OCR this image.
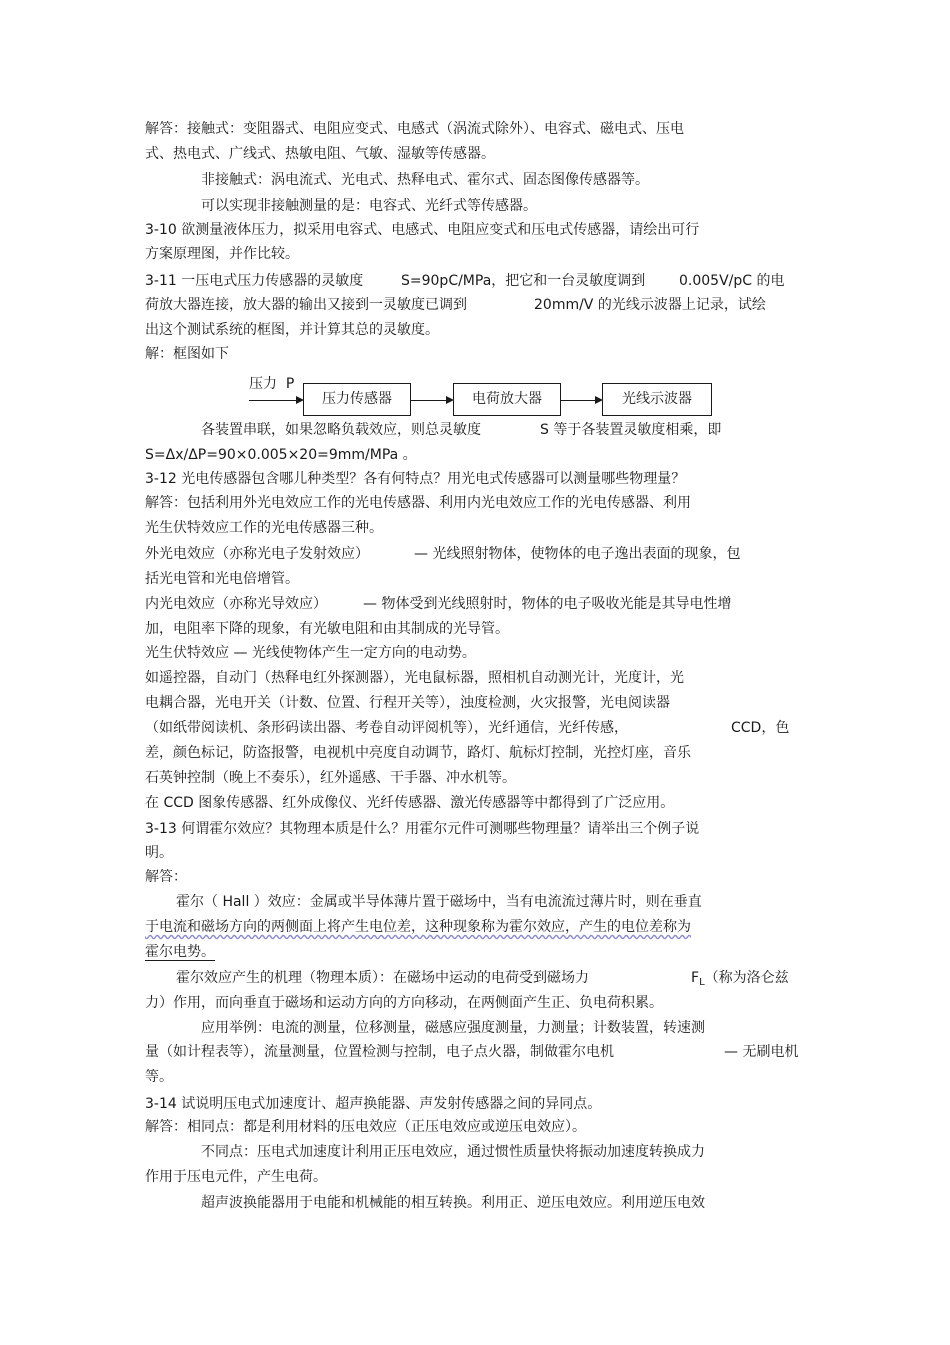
解答：接触式：变阻器式、电阻应变式、电感式（涡流式除外）、电容式、磁电式、压电
式、热电式、广线式、热敏电阻、气敏、湿敏等传感器。
非接触式：涡电流式、光电式、热释电式、霍尔式、固态图像传感器等。
可以实现非接触测量的是：电容式、光纤式等传感器。
3-10 欲测量液体压力，拟采用电容式、电感式、电阻应变式和压电式传感器，请绘出可行
方案原理图，并作比较。
3-11 一压电式压力传感器的灵敏度	S=90pC/MPa，把它和一台灵敏度调到 0.005V/pC 的电
荷放大器连接，放大器的输出又接到一灵敏度已调到	20mm/V 的光线示波器上记录，试绘
出这个测试系统的框图，并计算其总的灵敏度。
解：框图如下
压力  P
压力传感器	电荷放大器	光线示波器
各装置串联，如果忽略负载效应，则总灵敏度	S 等于各装置灵敏度相乘，即
S=Δx/ΔP=90×0.005×20=9mm/MPa 。
3-12 光电传感器包含哪儿种类型？各有何特点？用光电式传感器可以测量哪些物理量？
解答：包括利用外光电效应工作的光电传感器、利用内光电效应工作的光电传感器、利用
光生伏特效应工作的光电传感器三种。
外光电效应（亦称光电子发射效应）	— 光线照射物体，使物体的电子逸出表面的现象，包
括光电管和光电倍增管。
内光电效应（亦称光导效应）	— 物体受到光线照射时，物体的电子吸收光能是其导电性增
加，电阻率下降的现象，有光敏电阻和由其制成的光导管。
光生伏特效应 — 光线使物体产生一定方向的电动势。
如遥控器，自动门（热释电红外探测器），光电鼠标器，照相机自动测光计，光度计，光
电耦合器，光电开关（计数、位置、行程开关等），浊度检测，火灾报警，光电阅读器
（如纸带阅读机、条形码读出器、考卷自动评阅机等），光纤通信，光纤传感，	CCD，色
差，颜色标记，防盗报警，电视机中亮度自动调节，路灯、航标灯控制，光控灯座，音乐
石英钟控制（晚上不奏乐），红外遥感、干手器、冲水机等。
在 CCD 图象传感器、红外成像仪、光纤传感器、激光传感器等中都得到了广泛应用。
3-13 何谓霍尔效应？其物理本质是什么？用霍尔元件可测哪些物理量？请举出三个例子说
明。
解答：
霍尔（ Hall ）效应：金属或半导体薄片置于磁场中，当有电流流过薄片时，则在垂直
于电流和磁场方向的两侧面上将产生电位差，这种现象称为霍尔效应，产生的电位差称为
霍尔电势。
霍尔效应产生的机理（物理本质）：在磁场中运动的电荷受到磁场力	$F_L$（称为洛仑兹
力）作用，而向垂直于磁场和运动方向的方向移动，在两侧面产生正、负电荷积累。
应用举例：电流的测量，位移测量，磁感应强度测量，力测量；计数装置，转速测
量（如计程表等），流量测量，位置检测与控制，电子点火器，制做霍尔电机	— 无刷电机
等。
3-14 试说明压电式加速度计、超声换能器、声发射传感器之间的异同点。
解答：相同点：都是利用材料的压电效应（正压电效应或逆压电效应）。
不同点：压电式加速度计利用正压电效应，通过惯性质量快将振动加速度转换成力
作用于压电元件，产生电荷。
超声波换能器用于电能和机械能的相互转换。利用正、逆压电效应。利用逆压电效
